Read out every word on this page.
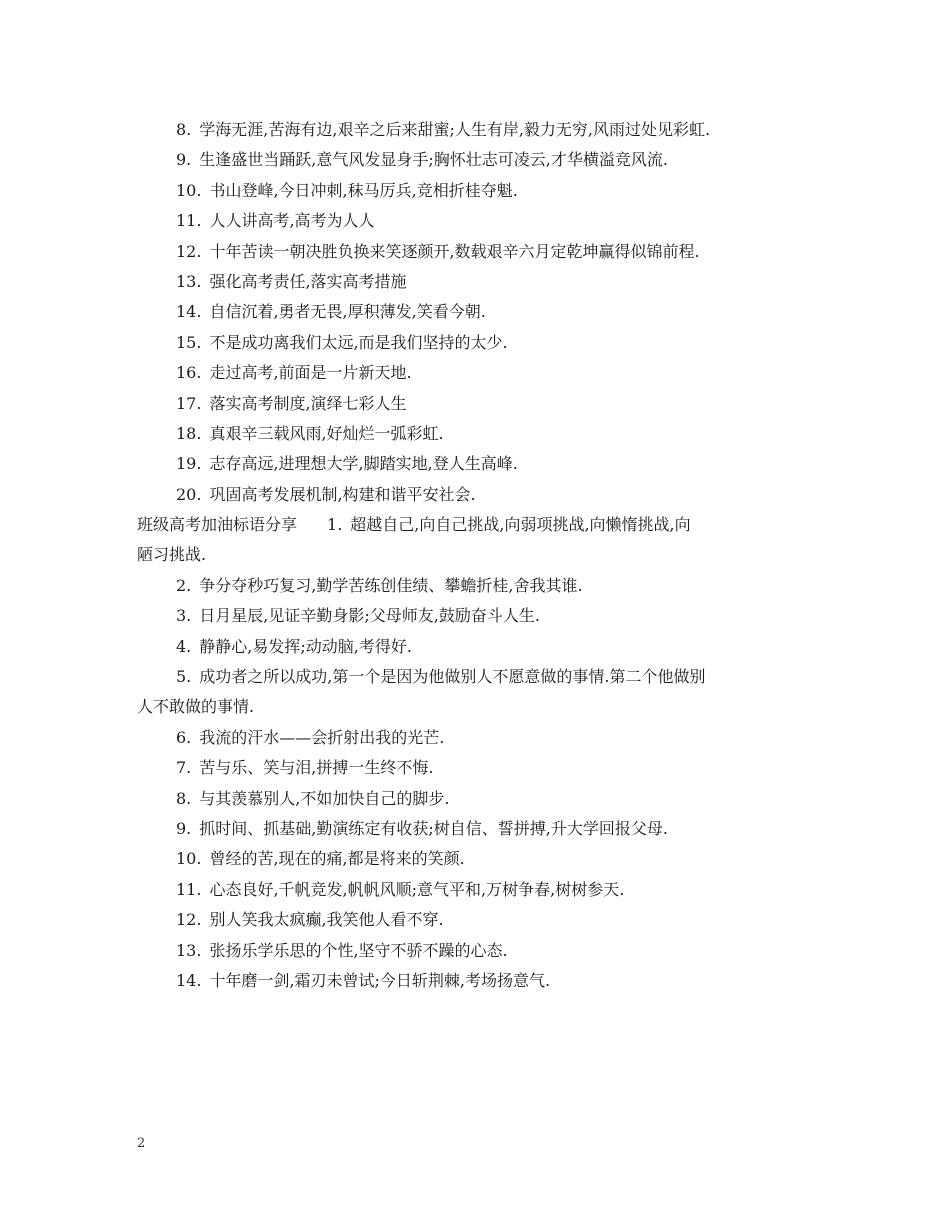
8. 学海无涯,苦海有边,艰辛之后来甜蜜;人生有岸,毅力无穷,风雨过处见彩虹.
9. 生逢盛世当踊跃,意气风发显身手;胸怀壮志可凌云,才华横溢竞风流.
10. 书山登峰,今日冲刺,秣马厉兵,竞相折桂夺魁.
11. 人人讲高考,高考为人人
12. 十年苦读一朝决胜负换来笑逐颜开,数载艰辛六月定乾坤赢得似锦前程.
13. 强化高考责任,落实高考措施
14. 自信沉着,勇者无畏,厚积薄发,笑看今朝.
15. 不是成功离我们太远,而是我们坚持的太少.
16. 走过高考,前面是一片新天地.
17. 落实高考制度,演绎七彩人生
18. 真艰辛三载风雨,好灿烂一弧彩虹.
19. 志存高远,进理想大学,脚踏实地,登人生高峰.
20. 巩固高考发展机制,构建和谐平安社会.
班级高考加油标语分享 1. 超越自己,向自己挑战,向弱项挑战,向懒惰挑战,向
陋习挑战.
2. 争分夺秒巧复习,勤学苦练创佳绩、攀蟾折桂,舍我其谁.
3. 日月星辰,见证辛勤身影;父母师友,鼓励奋斗人生.
4. 静静心,易发挥;动动脑,考得好.
5. 成功者之所以成功,第一个是因为他做别人不愿意做的事情.第二个他做别
人不敢做的事情.
6. 我流的汗水——会折射出我的光芒.
7. 苦与乐、笑与泪,拼搏一生终不悔.
8. 与其羡慕别人,不如加快自己的脚步.
9. 抓时间、抓基础,勤演练定有收获;树自信、誓拼搏,升大学回报父母.
10. 曾经的苦,现在的痛,都是将来的笑颜.
11. 心态良好,千帆竞发,帆帆风顺;意气平和,万树争春,树树参天.
12. 别人笑我太疯癫,我笑他人看不穿.
13. 张扬乐学乐思的个性,坚守不骄不躁的心态.
14. 十年磨一剑,霜刃未曾试;今日斩荆棘,考场扬意气.
2
